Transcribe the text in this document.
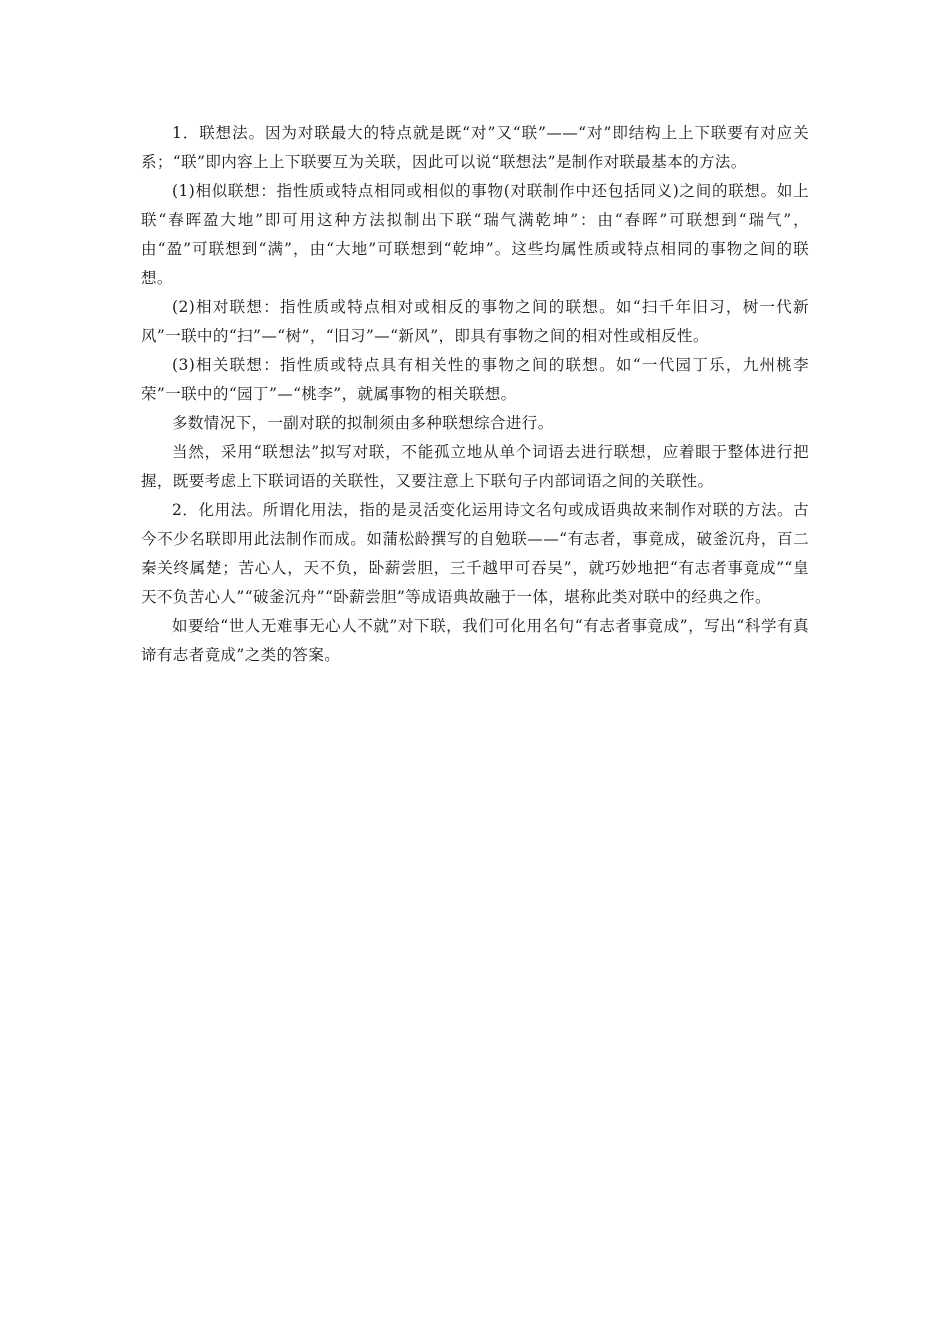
1．联想法。因为对联最大的特点就是既“对”又“联”——“对”即结构上上下联要有对应关系；“联”即内容上上下联要互为关联，因此可以说“联想法”是制作对联最基本的方法。

(1)相似联想：指性质或特点相同或相似的事物(对联制作中还包括同义)之间的联想。如上联“春晖盈大地”即可用这种方法拟制出下联“瑞气满乾坤”：由“春晖”可联想到“瑞气”，由“盈”可联想到“满”，由“大地”可联想到“乾坤”。这些均属性质或特点相同的事物之间的联想。

(2)相对联想：指性质或特点相对或相反的事物之间的联想。如“扫千年旧习，树一代新风”一联中的“扫”—“树”，“旧习”—“新风”，即具有事物之间的相对性或相反性。

(3)相关联想：指性质或特点具有相关性的事物之间的联想。如“一代园丁乐，九州桃李荣”一联中的“园丁”—“桃李”，就属事物的相关联想。

多数情况下，一副对联的拟制须由多种联想综合进行。

当然，采用“联想法”拟写对联，不能孤立地从单个词语去进行联想，应着眼于整体进行把握，既要考虑上下联词语的关联性，又要注意上下联句子内部词语之间的关联性。

2．化用法。所谓化用法，指的是灵活变化运用诗文名句或成语典故来制作对联的方法。古今不少名联即用此法制作而成。如蒲松龄撰写的自勉联——“有志者，事竟成，破釜沉舟，百二秦关终属楚；苦心人，天不负，卧薪尝胆，三千越甲可吞吴”，就巧妙地把“有志者事竟成”“皇天不负苦心人”“破釜沉舟”“卧薪尝胆”等成语典故融于一体，堪称此类对联中的经典之作。

如要给“世人无难事无心人不就”对下联，我们可化用名句“有志者事竟成”，写出“科学有真谛有志者竟成”之类的答案。
